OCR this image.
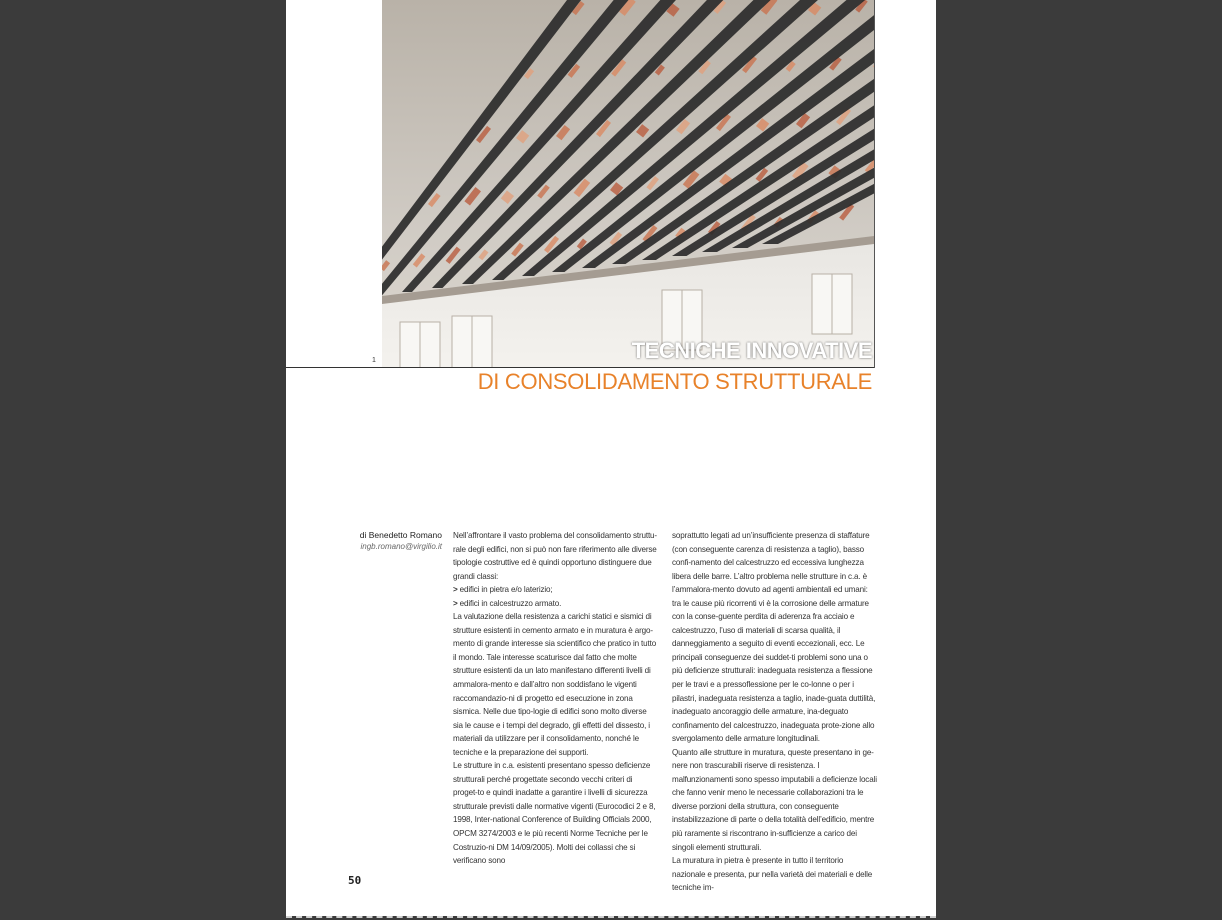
1	TECNICHE INNOVATIVE
DI CONSOLIDAMENTO STRUTTURALE
di Benedetto Romano
ingb.romano@virgilio.it

Nell’affrontare il vasto problema del consolidamento struttu-rale degli edifici, non si può non fare riferimento alle diverse tipologie costruttive ed è quindi opportuno distinguere due grandi classi:

> edifici in pietra e/o laterizio;

> edifici in calcestruzzo armato.

La valutazione della resistenza a carichi statici e sismici di strutture esistenti in cemento armato e in muratura è argo-mento di grande interesse sia scientifico che pratico in tutto il mondo. Tale interesse scaturisce dal fatto che molte strutture esistenti da un lato manifestano differenti livelli di ammalora-mento e dall’altro non soddisfano le vigenti raccomandazio-ni di progetto ed esecuzione in zona sismica. Nelle due tipo-logie di edifici sono molto diverse sia le cause e i tempi del degrado, gli effetti del dissesto, i materiali da utilizzare per il consolidamento, nonché le tecniche e la preparazione dei supporti.

Le strutture in c.a. esistenti presentano spesso deficienze strutturali perché progettate secondo vecchi criteri di proget-to e quindi inadatte a garantire i livelli di sicurezza strutturale previsti dalle normative vigenti (Eurocodici 2 e 8, 1998, Inter-national Conference of Building Officials 2000, OPCM 3274/2003 e le più recenti Norme Tecniche per le Costruzio-ni DM 14/09/2005). Molti dei collassi che si verificano sono

soprattutto legati ad un’insufficiente presenza di staffature (con conseguente carenza di resistenza a taglio), basso confi-namento del calcestruzzo ed eccessiva lunghezza libera delle barre. L’altro problema nelle strutture in c.a. è l’ammalora-mento dovuto ad agenti ambientali ed umani: tra le cause più ricorrenti vi è la corrosione delle armature con la conse-guente perdita di aderenza fra acciaio e calcestruzzo, l’uso di materiali di scarsa qualità, il danneggiamento a seguito di eventi eccezionali, ecc. Le principali conseguenze dei suddet-ti problemi sono una o più deficienze strutturali: inadeguata resistenza a flessione per le travi e a pressoflessione per le co-lonne o per i pilastri, inadeguata resistenza a taglio, inade-guata duttilità, inadeguato ancoraggio delle armature, ina-deguato confinamento del calcestruzzo, inadeguata prote-zione allo svergolamento delle armature longitudinali.

Quanto alle strutture in muratura, queste presentano in ge-nere non trascurabili riserve di resistenza. I malfunzionamenti sono spesso imputabili a deficienze locali che fanno venir meno le necessarie collaborazioni tra le diverse porzioni della struttura, con conseguente instabilizzazione di parte o della totalità dell’edificio, mentre più raramente si riscontrano in-sufficienze a carico dei singoli elementi strutturali.

La muratura in pietra è presente in tutto il territorio nazionale e presenta, pur nella varietà dei materiali e delle tecniche im-

50
